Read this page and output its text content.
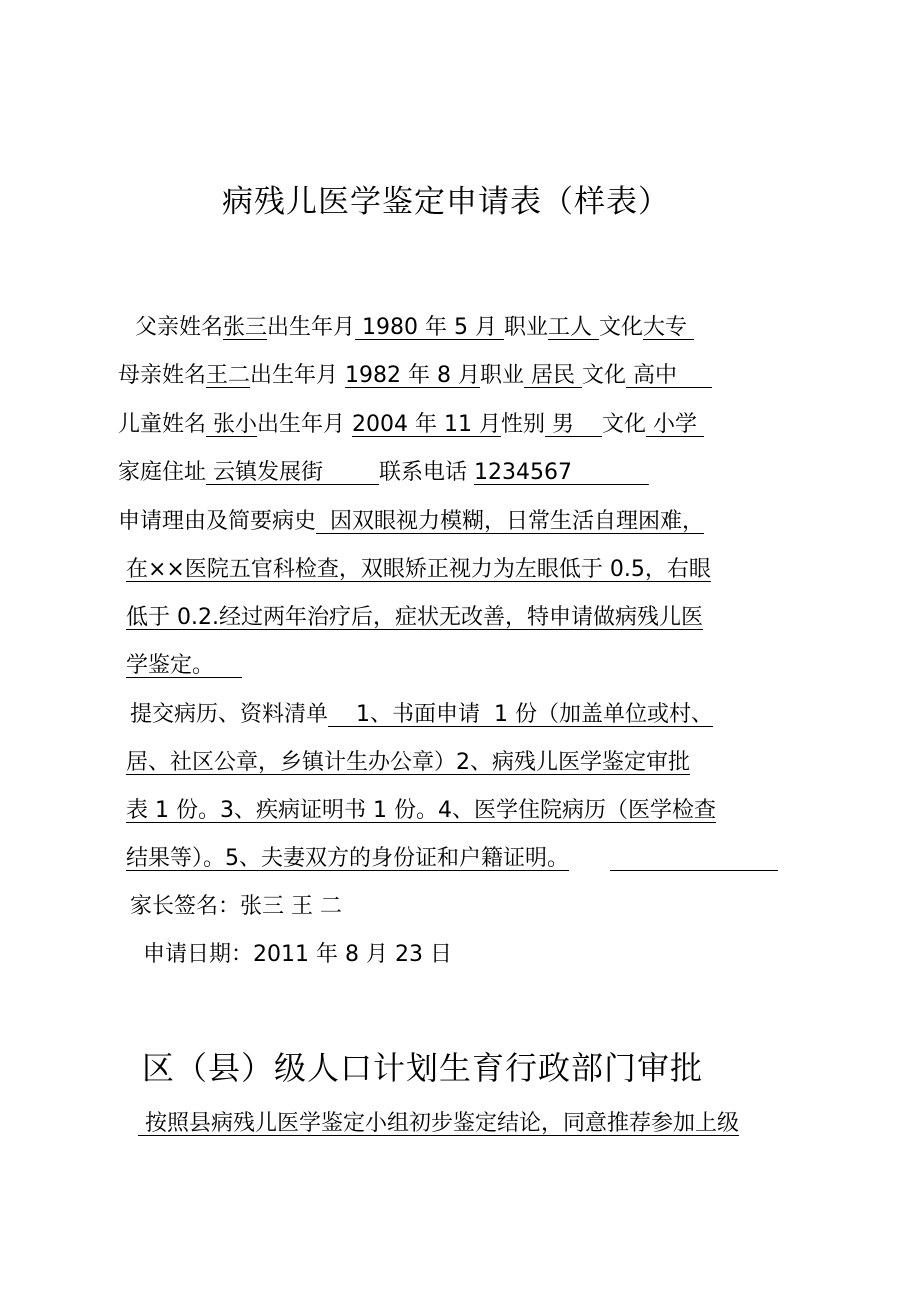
病残儿医学鉴定申请表（样表）
父亲姓名张三出生年月 1980 年 5 月 职业工人 文化大专
母亲姓名王二出生年月 1982 年 8 月职业 居民 文化 高中
儿童姓名 张小出生年月 2004 年 11 月性别 男    文化 小学
家庭住址 云镇发展街        联系电话 1234567
申请理由及简要病史  因双眼视力模糊，日常生活自理困难，
在××医院五官科检查，双眼矫正视力为左眼低于 0.5，右眼
低于 0.2.经过两年治疗后，症状无改善，特申请做病残儿医
学鉴定。
提交病历、资料清单    1、书面申请  1 份（加盖单位或村、
居、社区公章，乡镇计生办公章）2、病残儿医学鉴定审批
表 1 份。3、疾病证明书 1 份。4、医学住院病历（医学检查
结果等）。5、夫妻双方的身份证和户籍证明。
家长签名：张三 王 二
申请日期：2011 年 8 月 23 日
区（县）级人口计划生育行政部门审批
按照县病残儿医学鉴定小组初步鉴定结论，同意推荐参加上级
